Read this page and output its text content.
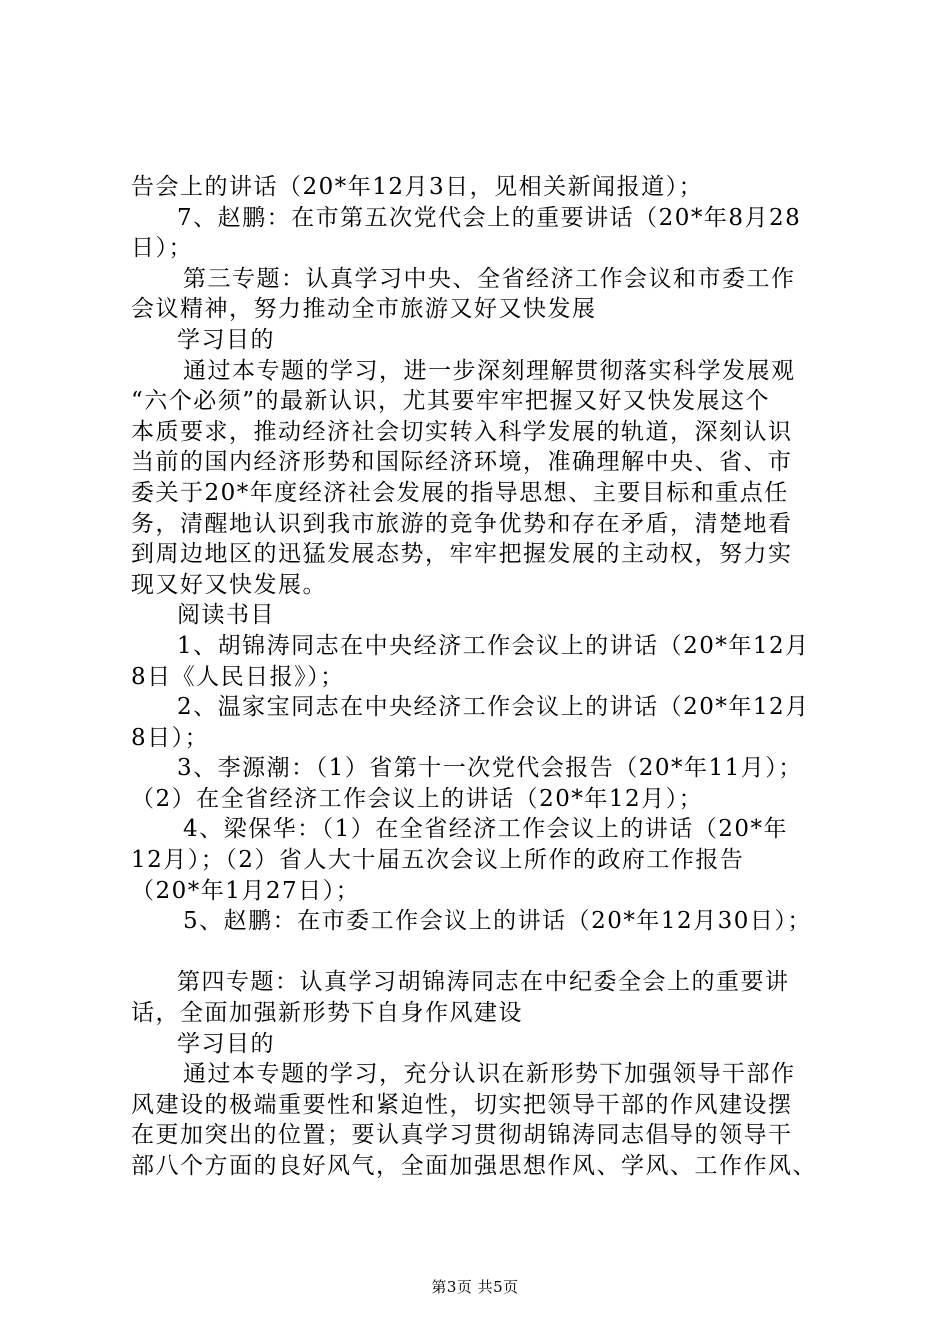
告会上的讲话（20*年12月3日，见相关新闻报道）；
7、赵鹏：在市第五次党代会上的重要讲话（20*年8月28
日）；
第三专题：认真学习中央、全省经济工作会议和市委工作
会议精神，努力推动全市旅游又好又快发展
学习目的
通过本专题的学习，进一步深刻理解贯彻落实科学发展观
“六个必须”的最新认识，尤其要牢牢把握又好又快发展这个
本质要求，推动经济社会切实转入科学发展的轨道，深刻认识
当前的国内经济形势和国际经济环境，准确理解中央、省、市
委关于20*年度经济社会发展的指导思想、主要目标和重点任
务，清醒地认识到我市旅游的竞争优势和存在矛盾，清楚地看
到周边地区的迅猛发展态势，牢牢把握发展的主动权，努力实
现又好又快发展。
阅读书目
1、胡锦涛同志在中央经济工作会议上的讲话（20*年12月
8日《人民日报》）；
2、温家宝同志在中央经济工作会议上的讲话（20*年12月
8日）；
3、李源潮：（1）省第十一次党代会报告（20*年11月）；
（2）在全省经济工作会议上的讲话（20*年12月）；
4、梁保华：（1）在全省经济工作会议上的讲话（20*年
12月）；（2）省人大十届五次会议上所作的政府工作报告
（20*年1月27日）；
5、赵鹏：在市委工作会议上的讲话（20*年12月30日）；
第四专题：认真学习胡锦涛同志在中纪委全会上的重要讲
话，全面加强新形势下自身作风建设
学习目的
通过本专题的学习，充分认识在新形势下加强领导干部作
风建设的极端重要性和紧迫性，切实把领导干部的作风建设摆
在更加突出的位置；要认真学习贯彻胡锦涛同志倡导的领导干
部八个方面的良好风气，全面加强思想作风、学风、工作作风、
第3页 共5页
